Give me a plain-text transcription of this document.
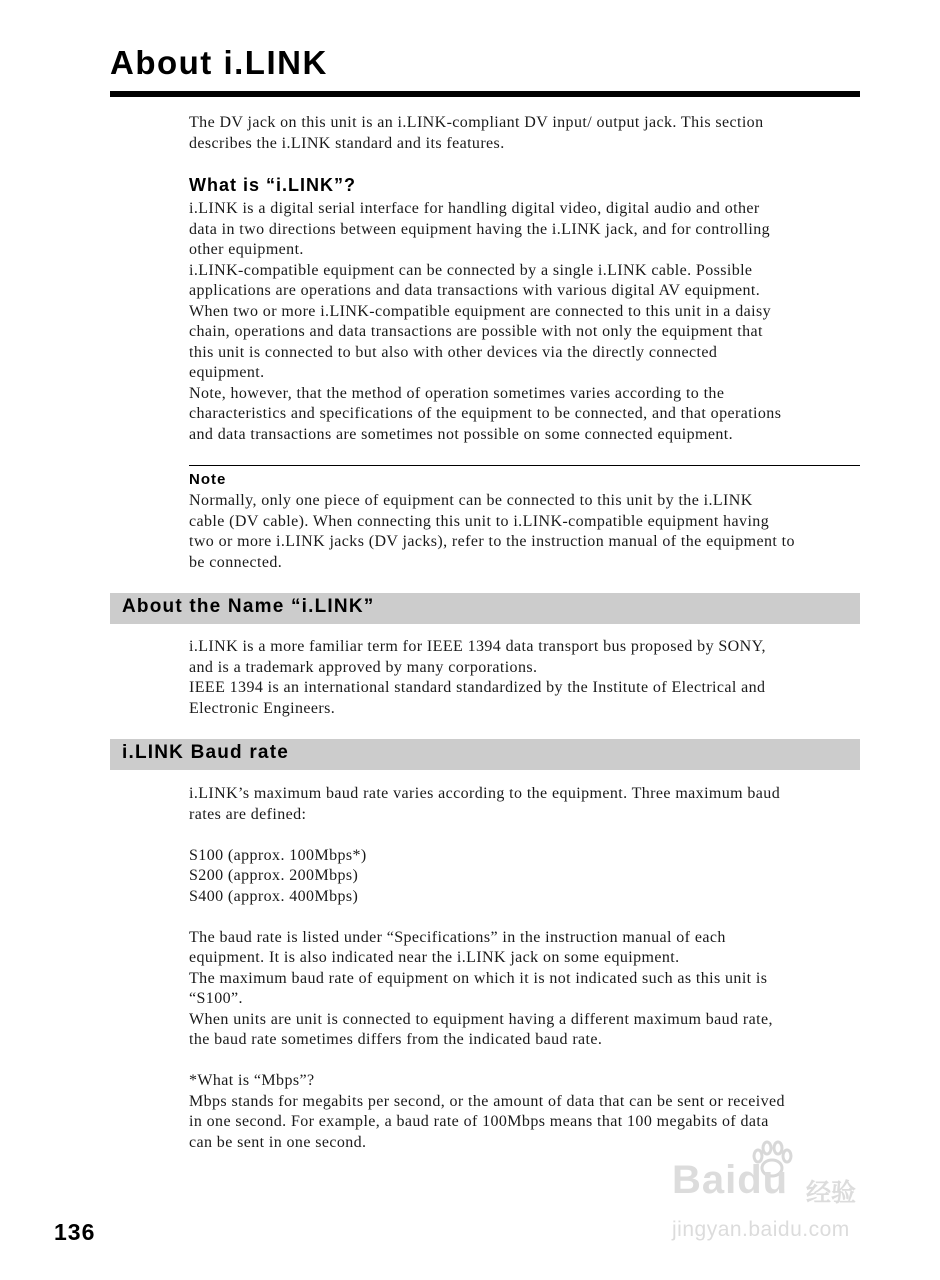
About i.LINK

The DV jack on this unit is an i.LINK-compliant DV input/ output jack. This section

describes the i.LINK standard and its features.

What is “i.LINK”?

i.LINK is a digital serial interface for handling digital video, digital audio and other

data in two directions between equipment having the i.LINK jack, and for controlling

other equipment.

i.LINK-compatible equipment can be connected by a single i.LINK cable. Possible

applications are operations and data transactions with various digital AV equipment.

When two or more i.LINK-compatible equipment are connected to this unit in a daisy

chain, operations and data transactions are possible with not only the equipment that

this unit is connected to but also with other devices via the directly connected

equipment.

Note, however, that the method of operation sometimes varies according to the

characteristics and specifications of the equipment to be connected, and that operations

and data transactions are sometimes not possible on some connected equipment.

Note

Normally, only one piece of equipment can be connected to this unit by the i.LINK

cable (DV cable). When connecting this unit to i.LINK-compatible equipment having

two or more i.LINK jacks (DV jacks), refer to the instruction manual of the equipment to

be connected.

About the Name “i.LINK”

i.LINK is a more familiar term for IEEE 1394 data transport bus proposed by SONY,

and is a trademark approved by many corporations.

IEEE 1394 is an international standard standardized by the Institute of Electrical and

Electronic Engineers.

i.LINK Baud rate

i.LINK’s maximum baud rate varies according to the equipment. Three maximum baud

rates are defined:

S100 (approx. 100Mbps*)

S200 (approx. 200Mbps)

S400 (approx. 400Mbps)

The baud rate is listed under “Specifications” in the instruction manual of each

equipment. It is also indicated near the i.LINK jack on some equipment.

The maximum baud rate of equipment on which it is not indicated such as this unit is

“S100”.

When units are unit is connected to equipment having a different maximum baud rate,

the baud rate sometimes differs from the indicated baud rate.

*What is “Mbps”?

Mbps stands for megabits per second, or the amount of data that can be sent or received

in one second. For example, a baud rate of 100Mbps means that 100 megabits of data

can be sent in one second.

136
Baidu 经验
jingyan.baidu.com
